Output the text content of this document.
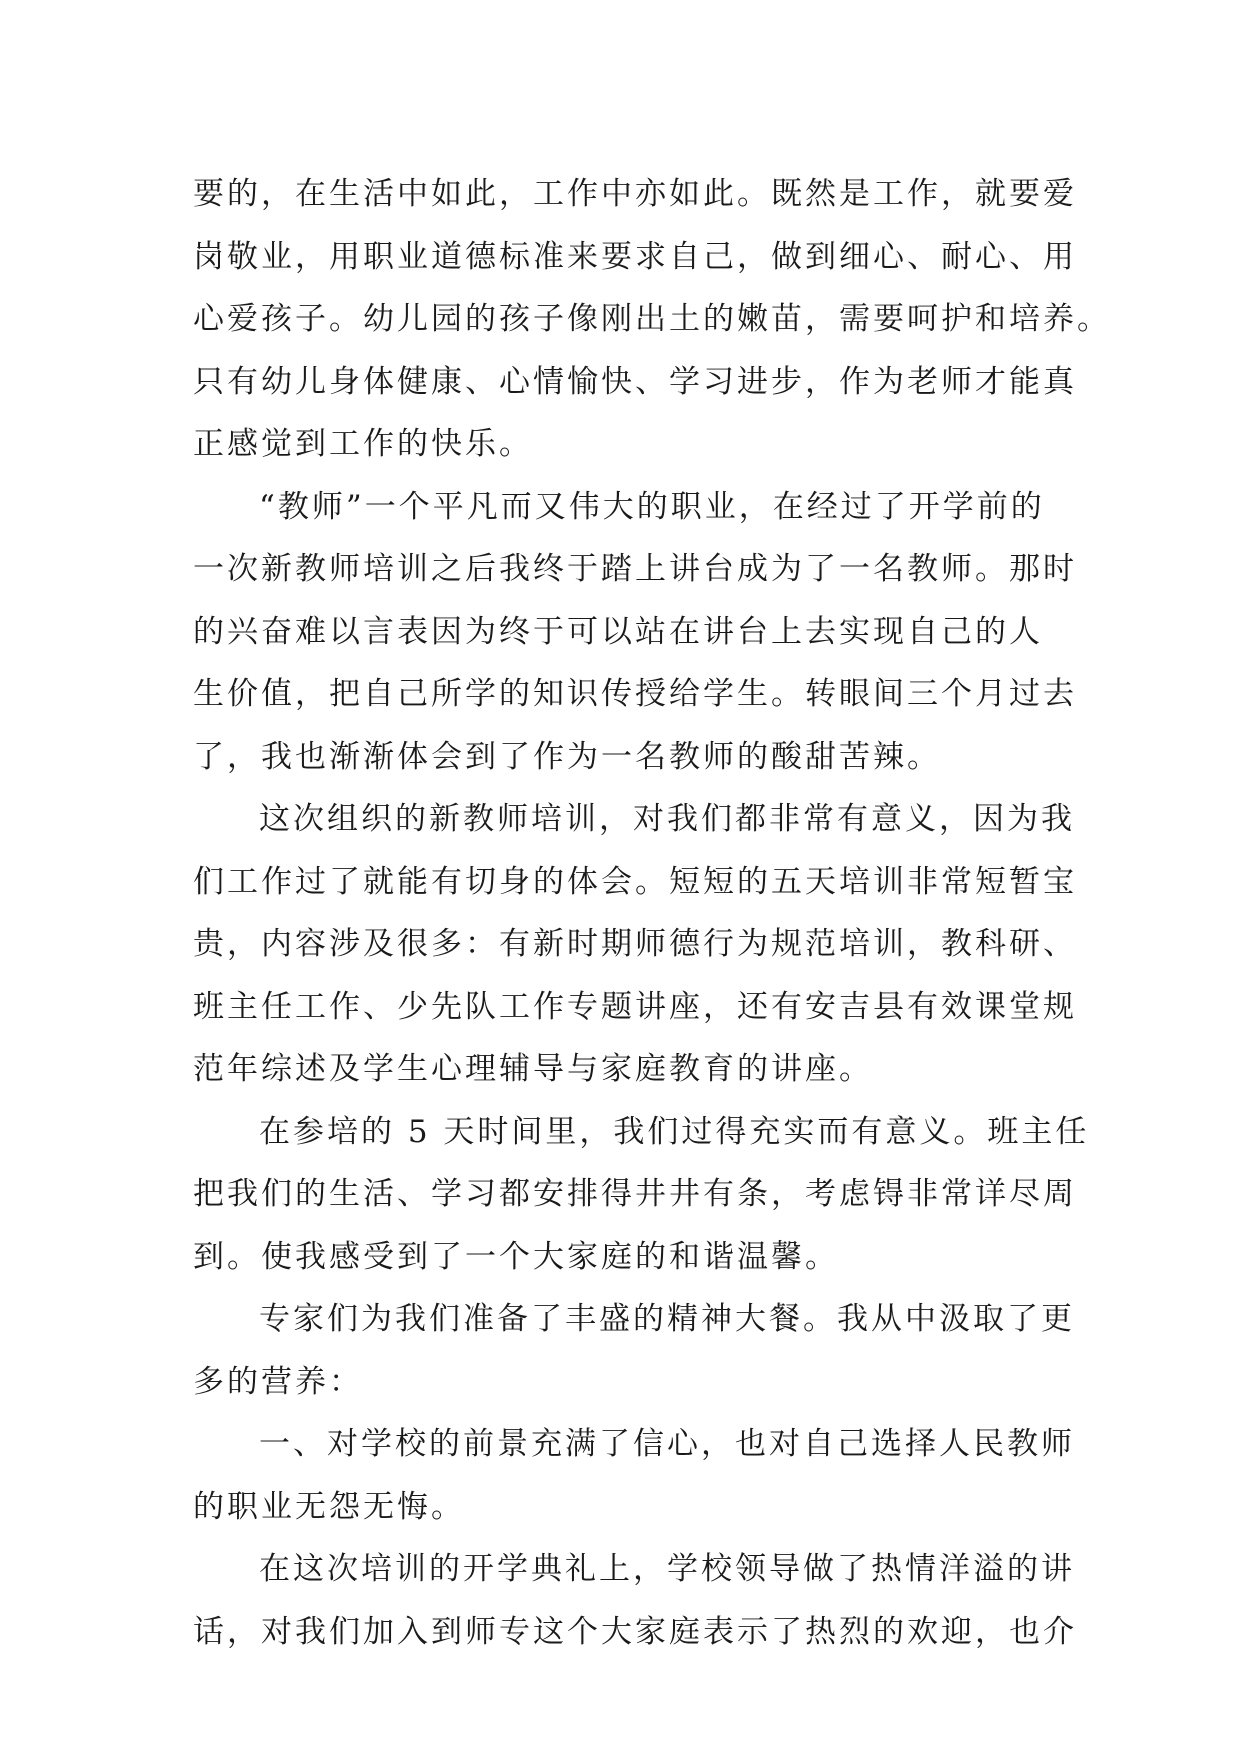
要的，在生活中如此，工作中亦如此。既然是工作，就要爱
岗敬业，用职业道德标准来要求自己，做到细心、耐心、用
心爱孩子。幼儿园的孩子像刚出土的嫩苗，需要呵护和培养。
只有幼儿身体健康、心情愉快、学习进步，作为老师才能真
正感觉到工作的快乐。
“教师”一个平凡而又伟大的职业，在经过了开学前的
一次新教师培训之后我终于踏上讲台成为了一名教师。那时
的兴奋难以言表因为终于可以站在讲台上去实现自己的人
生价值，把自己所学的知识传授给学生。转眼间三个月过去
了，我也渐渐体会到了作为一名教师的酸甜苦辣。
这次组织的新教师培训，对我们都非常有意义，因为我
们工作过了就能有切身的体会。短短的五天培训非常短暂宝
贵，内容涉及很多：有新时期师德行为规范培训，教科研、
班主任工作、少先队工作专题讲座，还有安吉县有效课堂规
范年综述及学生心理辅导与家庭教育的讲座。
在参培的 5 天时间里，我们过得充实而有意义。班主任
把我们的生活、学习都安排得井井有条，考虑锝非常详尽周
到。使我感受到了一个大家庭的和谐温馨。
专家们为我们准备了丰盛的精神大餐。我从中汲取了更
多的营养：
一、对学校的前景充满了信心，也对自己选择人民教师
的职业无怨无悔。
在这次培训的开学典礼上，学校领导做了热情洋溢的讲
话，对我们加入到师专这个大家庭表示了热烈的欢迎，也介
